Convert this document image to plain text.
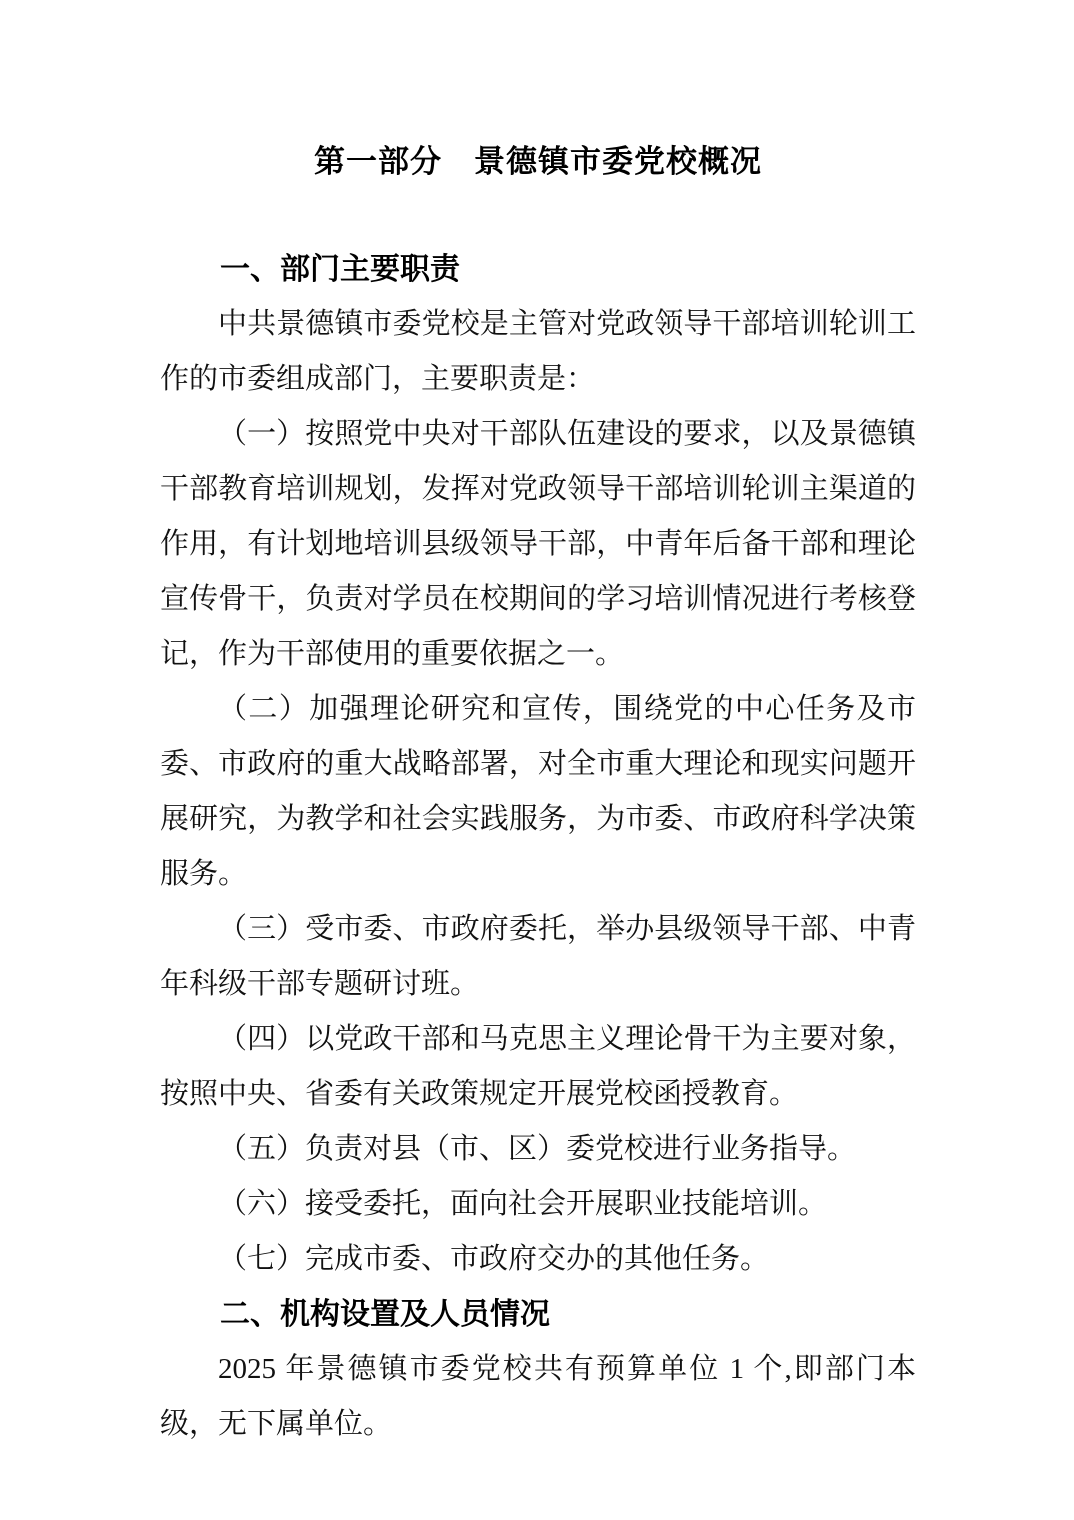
第一部分　景德镇市委党校概况
一、部门主要职责

中共景德镇市委党校是主管对党政领导干部培训轮训工作的市委组成部门，主要职责是：

（一）按照党中央对干部队伍建设的要求，以及景德镇干部教育培训规划，发挥对党政领导干部培训轮训主渠道的作用，有计划地培训县级领导干部，中青年后备干部和理论宣传骨干，负责对学员在校期间的学习培训情况进行考核登记，作为干部使用的重要依据之一。

（二）加强理论研究和宣传，围绕党的中心任务及市委、市政府的重大战略部署，对全市重大理论和现实问题开展研究，为教学和社会实践服务，为市委、市政府科学决策服务。

（三）受市委、市政府委托，举办县级领导干部、中青年科级干部专题研讨班。

（四）以党政干部和马克思主义理论骨干为主要对象，按照中央、省委有关政策规定开展党校函授教育。

（五）负责对县（市、区）委党校进行业务指导。

（六）接受委托，面向社会开展职业技能培训。

（七）完成市委、市政府交办的其他任务。

二、机构设置及人员情况

2025 年景德镇市委党校共有预算单位 1 个,即部门本级，无下属单位。
